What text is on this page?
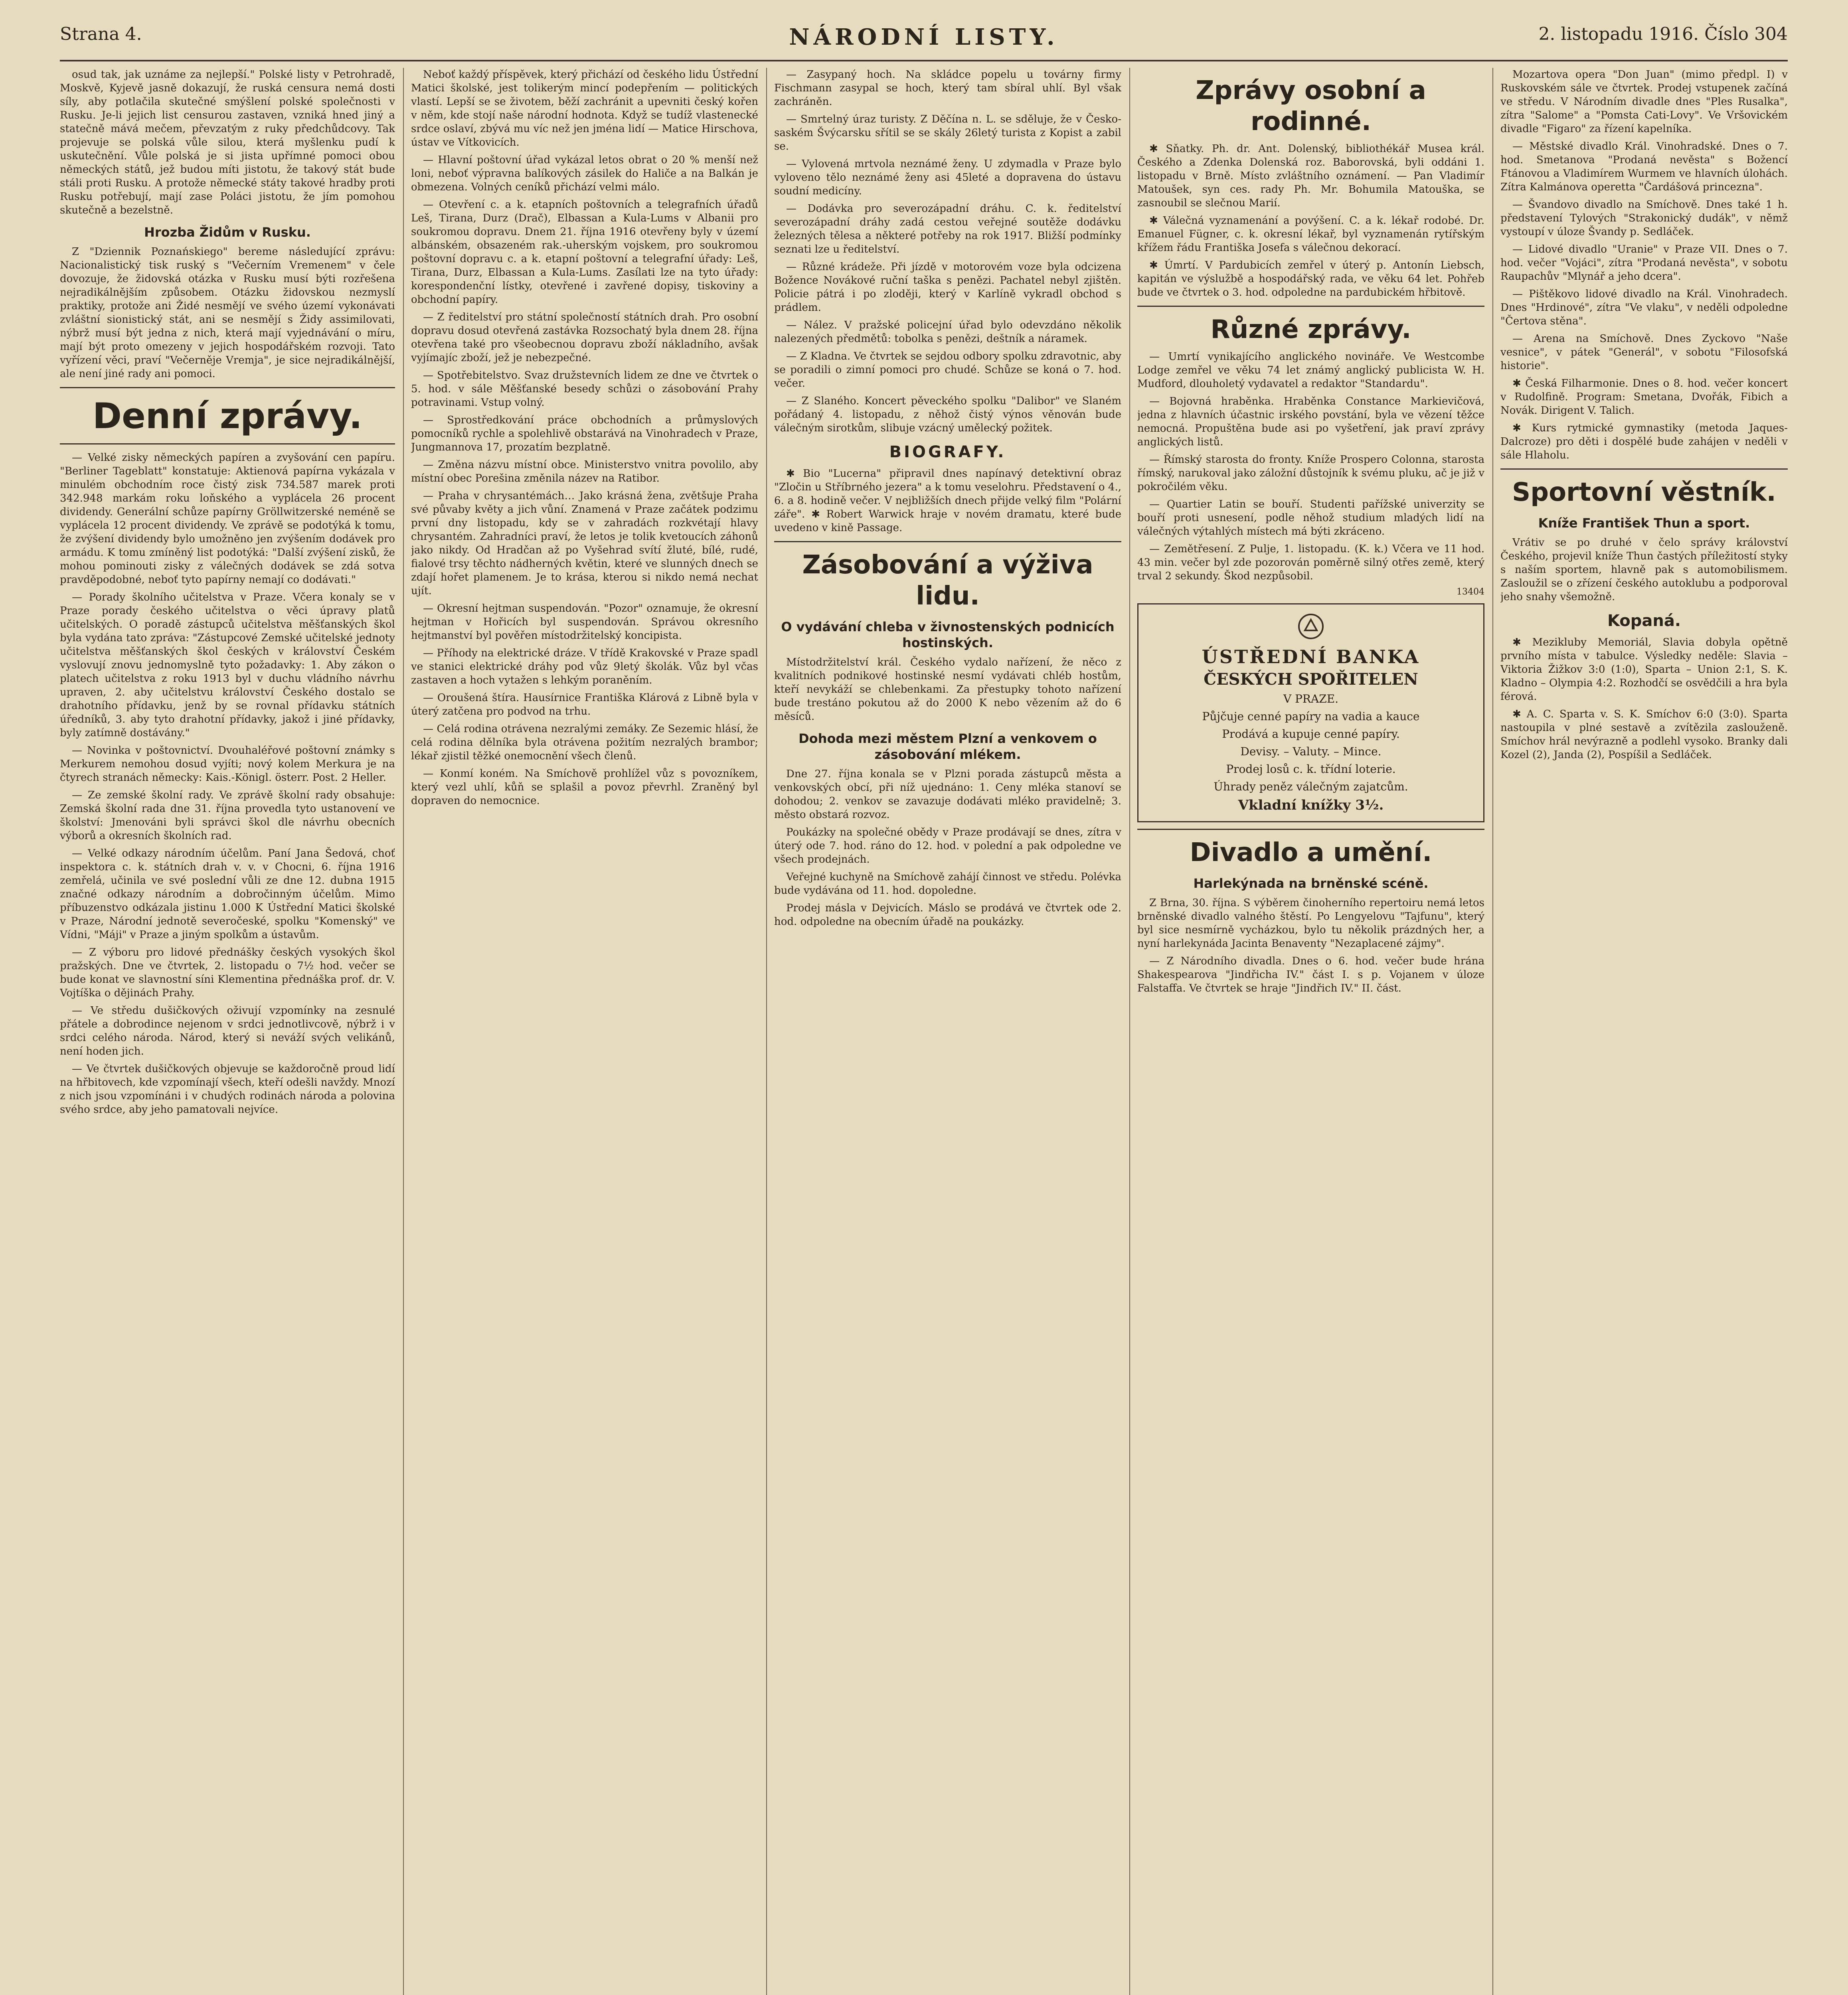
Strana 4.	NÁRODNÍ LISTY.	2. listopadu 1916. Číslo 304

osud tak, jak uznáme za nejlepší." Polské listy v Petrohradě, Moskvě, Kyjevě jasně dokazují, že ruská censura nemá dosti síly, aby potlačila skutečné smýšlení polské společnosti v Rusku. Je-li jejich list censurou zastaven, vzniká hned jiný a statečně mává mečem, převzatým z ruky předchůdcovy. Tak projevuje se polská vůle silou, která myšlenku pudí k uskutečnění. Vůle polská je si jista upřímné pomoci obou německých států, jež budou míti jistotu, že takový stát bude stáli proti Rusku. A protože německé státy takové hradby proti Rusku potřebují, mají zase Poláci jistotu, že jím pomohou skutečně a bezelstně.

Hrozba Židům v Rusku.

Z "Dziennik Poznańskiego" bereme následující zprávu: Nacionalistický tisk ruský s "Večerním Vremenem" v čele dovozuje, že židovská otázka v Rusku musí býti rozřešena nejradikálnějším způsobem. Otázku židovskou nezmyslí praktiky, protože ani Židé nesmějí ve svého území vykonávati zvláštní sionistický stát, ani se nesmějí s Židy assimilovati, nýbrž musí být jedna z nich, která mají vyjednávání o míru, mají být proto omezeny v jejich hospodářském rozvoji. Tato vyřízení věci, praví "Večerněje Vremja", je sice nejradikálnější, ale není jiné rady ani pomoci.

Denní zprávy.

— Velké zisky německých papíren a zvyšování cen papíru. "Berliner Tageblatt" konstatuje: Aktienová papírna vykázala v minulém obchodním roce čistý zisk 734.587 marek proti 342.948 markám roku loňského a vyplácela 26 procent dividendy. Generální schůze papírny Gröllwitzerské neméně se vyplácela 12 procent dividendy. Ve zprávě se podotýká k tomu, že zvýšení dividendy bylo umožněno jen zvýšením dodávek pro armádu. K tomu zmíněný list podotýká: "Další zvýšení zisků, že mohou pominouti zisky z válečných dodávek se zdá sotva pravděpodobné, neboť tyto papírny nemají co dodávati."

— Porady školního učitelstva v Praze. Včera konaly se v Praze porady českého učitelstva o věci úpravy platů učitelských. O poradě zástupců učitelstva měšťanských škol byla vydána tato zpráva: "Zástupcové Zemské učitelské jednoty učitelstva měšťanských škol českých v království Českém vyslovují znovu jednomyslně tyto požadavky: 1. Aby zákon o platech učitelstva z roku 1913 byl v duchu vládního návrhu upraven, 2. aby učitelstvu království Českého dostalo se drahotního přídavku, jenž by se rovnal přídavku státních úředníků, 3. aby tyto drahotní přídavky, jakož i jiné přídavky, byly zatímně dostávány."

— Novinka v poštovnictví. Dvouhaléřové poštovní známky s Merkurem nemohou dosud vyjíti; nový kolem Merkura je na čtyrech stranách německy: Kais.-Königl. österr. Post. 2 Heller.

— Ze zemské školní rady. Ve zprávě školní rady obsahuje: Zemská školní rada dne 31. října provedla tyto ustanovení ve školství: Jmenováni byli správci škol dle návrhu obecních výborů a okresních školních rad.

— Velké odkazy národním účelům. Paní Jana Šedová, choť inspektora c. k. státních drah v. v. v Chocni, 6. října 1916 zemřelá, učinila ve své poslední vůli ze dne 12. dubna 1915 značné odkazy národním a dobročinným účelům. Mimo příbuzenstvo odkázala jistinu 1.000 K Ústřední Matici školské v Praze, Národní jednotě severočeské, spolku "Komenský" ve Vídni, "Máji" v Praze a jiným spolkům a ústavům.

— Z výboru pro lidové přednášky českých vysokých škol pražských. Dne ve čtvrtek, 2. listopadu o 7½ hod. večer se bude konat ve slavnostní síni Klementina přednáška prof. dr. V. Vojtíška o dějinách Prahy.

— Ve středu dušičkových oživují vzpomínky na zesnulé přátele a dobrodince nejenom v srdci jednotlivcově, nýbrž i v srdci celého národa. Národ, který si neváží svých velikánů, není hoden jich.

— Ve čtvrtek dušičkových objevuje se každoročně proud lidí na hřbitovech, kde vzpomínají všech, kteří odešli navždy. Mnozí z nich jsou vzpomínáni i v chudých rodinách národa a polovina svého srdce, aby jeho pamatovali nejvíce.

Neboť každý příspěvek, který přichází od českého lidu Ústřední Matici školské, jest tolikerým mincí podepřením — politických vlastí. Lepší se se životem, běží zachránit a upevniti český kořen v něm, kde stojí naše národní hodnota. Když se tudíž vlastenecké srdce oslaví, zbývá mu víc než jen jména lidí — Matice Hirschova, ústav ve Vítkovicích.

— Hlavní poštovní úřad vykázal letos obrat o 20 % menší než loni, neboť výpravna balíkových zásilek do Haliče a na Balkán je obmezena. Volných ceníků přichází velmi málo.

— Otevření c. a k. etapních poštovních a telegrafních úřadů Leš, Tirana, Durz (Drač), Elbassan a Kula-Lums v Albanii pro soukromou dopravu. Dnem 21. října 1916 otevřeny byly v území albánském, obsazeném rak.-uherským vojskem, pro soukromou poštovní dopravu c. a k. etapní poštovní a telegrafní úřady: Leš, Tirana, Durz, Elbassan a Kula-Lums. Zasílati lze na tyto úřady: korespondenční lístky, otevřené i zavřené dopisy, tiskoviny a obchodní papíry.

— Z ředitelství pro státní společností státních drah. Pro osobní dopravu dosud otevřená zastávka Rozsochatý byla dnem 28. října otevřena také pro všeobecnou dopravu zboží nákladního, avšak vyjímajíc zboží, jež je nebezpečné.

— Spotřebitelstvo. Svaz družstevních lidem ze dne ve čtvrtek o 5. hod. v sále Měšťanské besedy schůzi o zásobování Prahy potravinami. Vstup volný.

— Sprostředkování práce obchodních a průmyslových pomocníků rychle a spolehlivě obstarává na Vinohradech v Praze, Jungmannova 17, prozatím bezplatně.

— Změna názvu místní obce. Ministerstvo vnitra povolilo, aby místní obec Porešina změnila název na Ratibor.

— Praha v chrysantémách… Jako krásná žena, zvětšuje Praha své půvaby květy a jich vůní. Znamená v Praze začátek podzimu první dny listopadu, kdy se v zahradách rozkvétají hlavy chrysantém. Zahradníci praví, že letos je tolik kvetoucích záhonů jako nikdy. Od Hradčan až po Vyšehrad svítí žluté, bílé, rudé, fialové trsy těchto nádherných květin, které ve slunných dnech se zdají hořet plamenem. Je to krása, kterou si nikdo nemá nechat ujít.

— Okresní hejtman suspendován. "Pozor" oznamuje, že okresní hejtman v Hořicích byl suspendován. Správou okresního hejtmanství byl pověřen místodržitelský koncipista.

— Příhody na elektrické dráze. V třídě Krakovské v Praze spadl ve stanici elektrické dráhy pod vůz 9letý školák. Vůz byl včas zastaven a hoch vytažen s lehkým poraněním.

— Oroušená štíra. Hausírnice Františka Klárová z Libně byla v úterý zatčena pro podvod na trhu.

— Celá rodina otrávena nezralými zemáky. Ze Sezemic hlásí, že celá rodina dělníka byla otrávena požitím nezralých brambor; lékař zjistil těžké onemocnění všech členů.

— Konmí koném. Na Smíchově prohlížel vůz s povozníkem, který vezl uhlí, kůň se splašil a povoz převrhl. Zraněný byl dopraven do nemocnice.

— Zasypaný hoch. Na skládce popelu u továrny firmy Fischmann zasypal se hoch, který tam sbíral uhlí. Byl však zachráněn.

— Smrtelný úraz turisty. Z Děčína n. L. se sděluje, že v Česko-saském Švýcarsku sřítil se se skály 26letý turista z Kopist a zabil se.

— Vylovená mrtvola neznámé ženy. U zdymadla v Praze bylo vyloveno tělo neznámé ženy asi 45leté a dopravena do ústavu soudní medicíny.

— Dodávka pro severozápadní dráhu. C. k. ředitelství severozápadní dráhy zadá cestou veřejné soutěže dodávku železných tělesa a některé potřeby na rok 1917. Bližší podmínky seznati lze u ředitelství.

— Různé krádeže. Při jízdě v motorovém voze byla odcizena Božence Novákové ruční taška s penězi. Pachatel nebyl zjištěn. Policie pátrá i po zloději, který v Karlíně vykradl obchod s prádlem.

— Nález. V pražské policejní úřad bylo odevzdáno několik nalezených předmětů: tobolka s penězi, deštník a náramek.

— Z Kladna. Ve čtvrtek se sejdou odbory spolku zdravotnic, aby se poradili o zimní pomoci pro chudé. Schůze se koná o 7. hod. večer.

— Z Slaného. Koncert pěveckého spolku "Dalibor" ve Slaném pořádaný 4. listopadu, z něhož čistý výnos věnován bude válečným sirotkům, slibuje vzácný umělecký požitek.

BIOGRAFY.

✱ Bio "Lucerna" připravil dnes napínavý detektivní obraz "Zločin u Stříbrného jezera" a k tomu veselohru. Představení o 4., 6. a 8. hodině večer. V nejbližších dnech přijde velký film "Polární záře". ✱ Robert Warwick hraje v novém dramatu, které bude uvedeno v kině Passage.

Zásobování a výživa lidu.
O vydávání chleba v živnostenských podnicích hostinských.

Místodržitelství král. Českého vydalo nařízení, že něco z kvalitních podnikové hostinské nesmí vydávati chléb hostům, kteří nevykáží se chlebenkami. Za přestupky tohoto nařízení bude trestáno pokutou až do 2000 K nebo vězením až do 6 měsíců.

Dohoda mezi městem Plzní a venkovem o zásobování mlékem.

Dne 27. října konala se v Plzni porada zástupců města a venkovských obcí, při níž ujednáno: 1. Ceny mléka stanoví se dohodou; 2. venkov se zavazuje dodávati mléko pravidelně; 3. město obstará rozvoz.

Poukázky na společné obědy v Praze prodávají se dnes, zítra v úterý ode 7. hod. ráno do 12. hod. v polední a pak odpoledne ve všech prodejnách.

Veřejné kuchyně na Smíchově zahájí činnost ve středu. Polévka bude vydávána od 11. hod. dopoledne.

Prodej másla v Dejvicích. Máslo se prodává ve čtvrtek ode 2. hod. odpoledne na obecním úřadě na poukázky.

Zprávy osobní a rodinné.

✱ Sňatky. Ph. dr. Ant. Dolenský, bibliothékář Musea král. Českého a Zdenka Dolenská roz. Baborovská, byli oddáni 1. listopadu v Brně. Místo zvláštního oznámení. — Pan Vladimír Matoušek, syn ces. rady Ph. Mr. Bohumila Matouška, se zasnoubil se slečnou Marií.

✱ Válečná vyznamenání a povýšení. C. a k. lékař rodobé. Dr. Emanuel Fügner, c. k. okresní lékař, byl vyznamenán rytířským křížem řádu Františka Josefa s válečnou dekorací.

✱ Úmrtí. V Pardubicích zemřel v úterý p. Antonín Liebsch, kapitán ve výslužbě a hospodářský rada, ve věku 64 let. Pohřeb bude ve čtvrtek o 3. hod. odpoledne na pardubickém hřbitově.

Různé zprávy.

— Umrtí vynikajícího anglického novináře. Ve Westcombe Lodge zemřel ve věku 74 let známý anglický publicista W. H. Mudford, dlouholetý vydavatel a redaktor "Standardu".

— Bojovná hraběnka. Hraběnka Constance Markievičová, jedna z hlavních účastnic irského povstání, byla ve vězení těžce nemocná. Propuštěna bude asi po vyšetření, jak praví zprávy anglických listů.

— Římský starosta do fronty. Kníže Prospero Colonna, starosta římský, narukoval jako záložní důstojník k svému pluku, ač je již v pokročilém věku.

— Quartier Latin se bouří. Studenti pařížské univerzity se bouří proti usnesení, podle něhož studium mladých lidí na válečných výtahlých místech má býti zkráceno.

— Zemětřesení. Z Pulje, 1. listopadu. (K. k.) Včera ve 11 hod. 43 min. večer byl zde pozorován poměrně silný otřes země, který trval 2 sekundy. Škod nezpůsobil.

13404
ÚSTŘEDNÍ BANKA
ČESKÝCH SPOŘITELEN
V PRAZE.
Půjčuje cenné papíry na vadia a kauce
Prodává a kupuje cenné papíry.
Devisy. – Valuty. – Mince.
Prodej losů c. k. třídní loterie.
Úhrady peněz válečným zajatcům.
Vkladní knížky 3½.
Divadlo a umění.
Harlekýnada na brněnské scéně.

Z Brna, 30. října. S výběrem činoherního repertoiru nemá letos brněnské divadlo valného štěstí. Po Lengyelovu "Tajfunu", který byl sice nesmírně vycházkou, bylo tu několik prázdných her, a nyní harlekynáda Jacinta Benaventy "Nezaplacené zájmy".

— Z Národního divadla. Dnes o 6. hod. večer bude hrána Shakespearova "Jindřicha IV." část I. s p. Vojanem v úloze Falstaffa. Ve čtvrtek se hraje "Jindřich IV." II. část.

Mozartova opera "Don Juan" (mimo předpl. I) v Ruskovském sále ve čtvrtek. Prodej vstupenek začíná ve středu. V Národním divadle dnes "Ples Rusalka", zítra "Salome" a "Pomsta Cati-Lovy". Ve Vršovickém divadle "Figaro" za řízení kapelníka.

— Městské divadlo Král. Vinohradské. Dnes o 7. hod. Smetanova "Prodaná nevěsta" s Božencí Ftánovou a Vladimírem Wurmem ve hlavních úlohách. Zítra Kalmánova operetta "Čardášová princezna".

— Švandovo divadlo na Smíchově. Dnes také 1 h. představení Tylových "Strakonický dudák", v němž vystoupí v úloze Švandy p. Sedláček.

— Lidové divadlo "Uranie" v Praze VII. Dnes o 7. hod. večer "Vojáci", zítra "Prodaná nevěsta", v sobotu Raupachův "Mlynář a jeho dcera".

— Pištěkovo lidové divadlo na Král. Vinohradech. Dnes "Hrdinové", zítra "Ve vlaku", v neděli odpoledne "Čertova stěna".

— Arena na Smíchově. Dnes Zyckovo "Naše vesnice", v pátek "Generál", v sobotu "Filosofská historie".

✱ Česká Filharmonie. Dnes o 8. hod. večer koncert v Rudolfině. Program: Smetana, Dvořák, Fibich a Novák. Dirigent V. Talich.

✱ Kurs rytmické gymnastiky (metoda Jaques-Dalcroze) pro děti i dospělé bude zahájen v neděli v sále Hlaholu.

Sportovní věstník.
Kníže František Thun a sport.

Vrátiv se po druhé v čelo správy království Českého, projevil kníže Thun častých příležitostí styky s naším sportem, hlavně pak s automobilismem. Zasloužil se o zřízení českého autoklubu a podporoval jeho snahy všemožně.

Kopaná.

✱ Mezikluby Memoriál, Slavia dobyla opětně prvního místa v tabulce. Výsledky neděle: Slavia – Viktoria Žižkov 3:0 (1:0), Sparta – Union 2:1, S. K. Kladno – Olympia 4:2. Rozhodčí se osvědčili a hra byla férová.

✱ A. C. Sparta v. S. K. Smíchov 6:0 (3:0). Sparta nastoupila v plné sestavě a zvítězila zaslouženě. Smíchov hrál nevýrazně a podlehl vysoko. Branky dali Kozel (2), Janda (2), Pospíšil a Sedláček.
